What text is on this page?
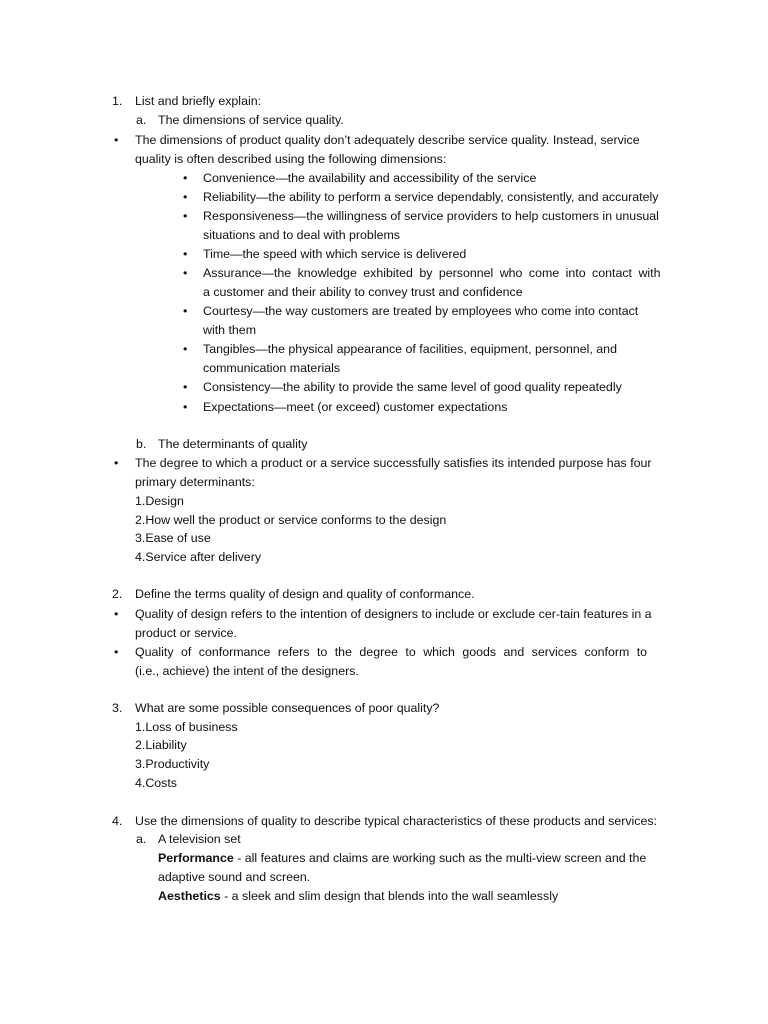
1.	List and briefly explain:
a. The dimensions of service quality.
• The dimensions of product quality don’t adequately describe service quality. Instead, service
quality is often described using the following dimensions:
• Convenience—the availability and accessibility of the service
• Reliability—the ability to perform a service dependably, consistently, and accurately
• Responsiveness—the willingness of service providers to help customers in unusual
situations and to deal with problems
• Time—the speed with which service is delivered
• Assurance—the knowledge exhibited by personnel who come into contact with
a customer and their ability to convey trust and confidence
• Courtesy—the way customers are treated by employees who come into contact
with them
• Tangibles—the physical appearance of facilities, equipment, personnel, and
communication materials
• Consistency—the ability to provide the same level of good quality repeatedly
• Expectations—meet (or exceed) customer expectations
b. The determinants of quality
• The degree to which a product or a service successfully satisfies its intended purpose has four
primary determinants:
1.Design
2.How well the product or service conforms to the design
3.Ease of use
4.Service after delivery
2.	Define the terms quality of design and quality of conformance.
• Quality of design refers to the intention of designers to include or exclude cer-tain features in a
product or service.
• Quality of conformance refers to the degree to which goods and services conform to
(i.e., achieve) the intent of the designers.
3.	What are some possible consequences of poor quality?
1.Loss of business
2.Liability
3.Productivity
4.Costs
4.	Use the dimensions of quality to describe typical characteristics of these products and services:
a. A television set
Performance - all features and claims are working such as the multi-view screen and the
adaptive sound and screen.
Aesthetics - a sleek and slim design that blends into the wall seamlessly
